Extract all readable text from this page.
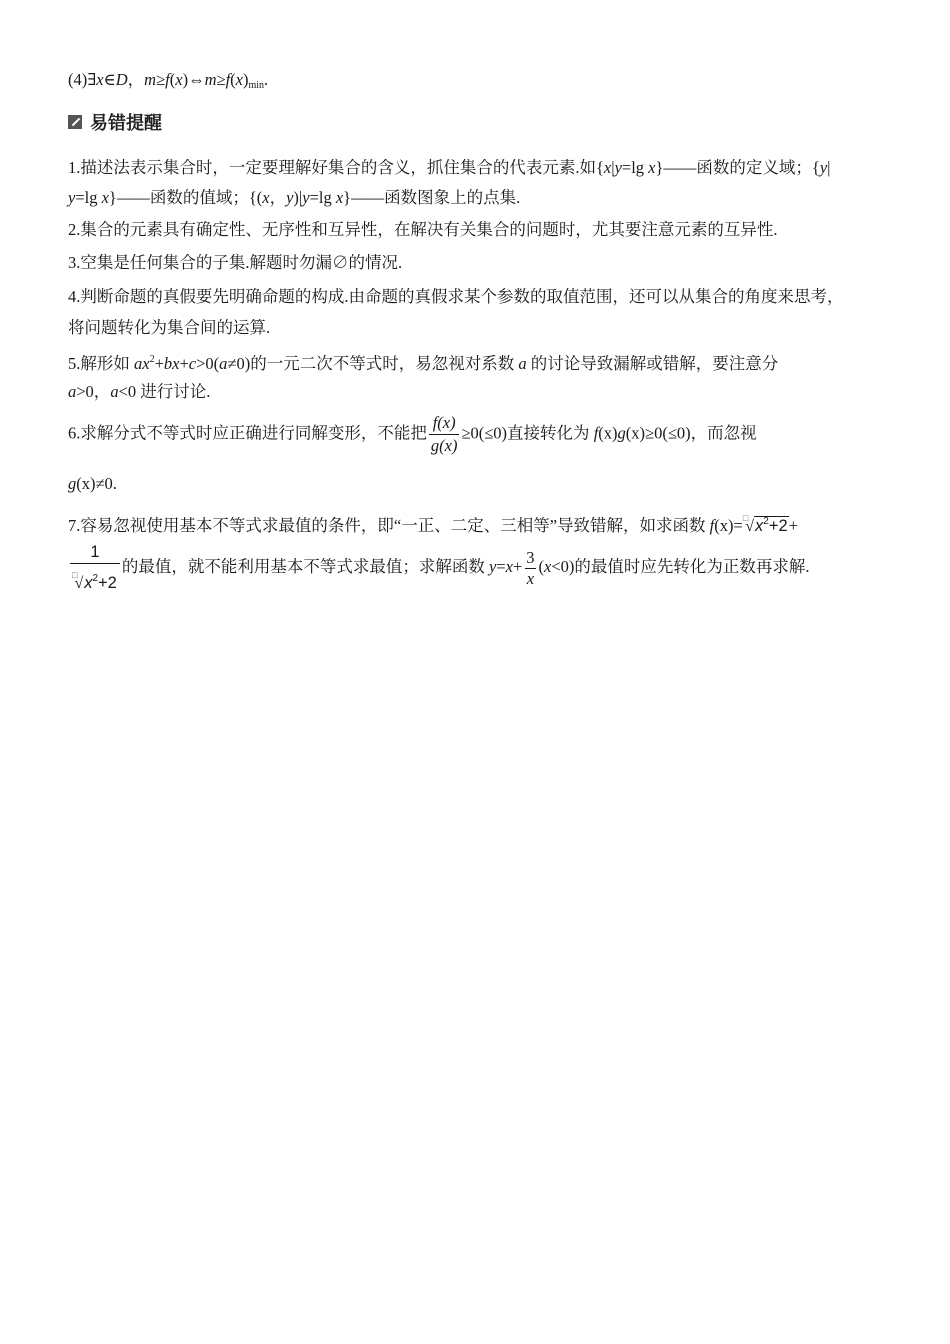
(4)∃x∈D，$m\ge f(x)\Leftrightarrow m\ge f(x)_{min}$.
易错提醒
1.描述法表示集合时，一定要理解好集合的含义，抓住集合的代表元素.如{x|y=lg x}——函数的定义域；{y|
y=lg x}——函数的值域；{(x，y)|y=lg x}——函数图象上的点集.
2.集合的元素具有确定性、无序性和互异性，在解决有关集合的问题时，尤其要注意元素的互异性.
3.空集是任何集合的子集.解题时勿漏∅的情况.
4.判断命题的真假要先明确命题的构成.由命题的真假求某个参数的取值范围，还可以从集合的角度来思考，
将问题转化为集合间的运算.
5.解形如 $ax^2+bx+c>0(a\ne 0)$的一元二次不等式时，易忽视对系数 a 的讨论导致漏解或错解，要注意分
a>0，a<0 进行讨论.
6.求解分式不等式时应正确进行同解变形，不能把 $\frac{f(x)}{g(x)} \ge 0(\le 0)$直接转化为 f(x)g(x)≥0(≤0)，而忽视
g(x)≠0.
7.容易忽视使用基本不等式求最值的条件，即“一正、二定、三相等”导致错解，如求函数 $f(x)=^□√x^2+2+$
$\frac{1}{^□√x^2+2}$ 的最值，就不能利用基本不等式求最值；求解函数 $y=x+ \frac{3}{x} (x<0)$的最值时应先转化为正数再求解.
